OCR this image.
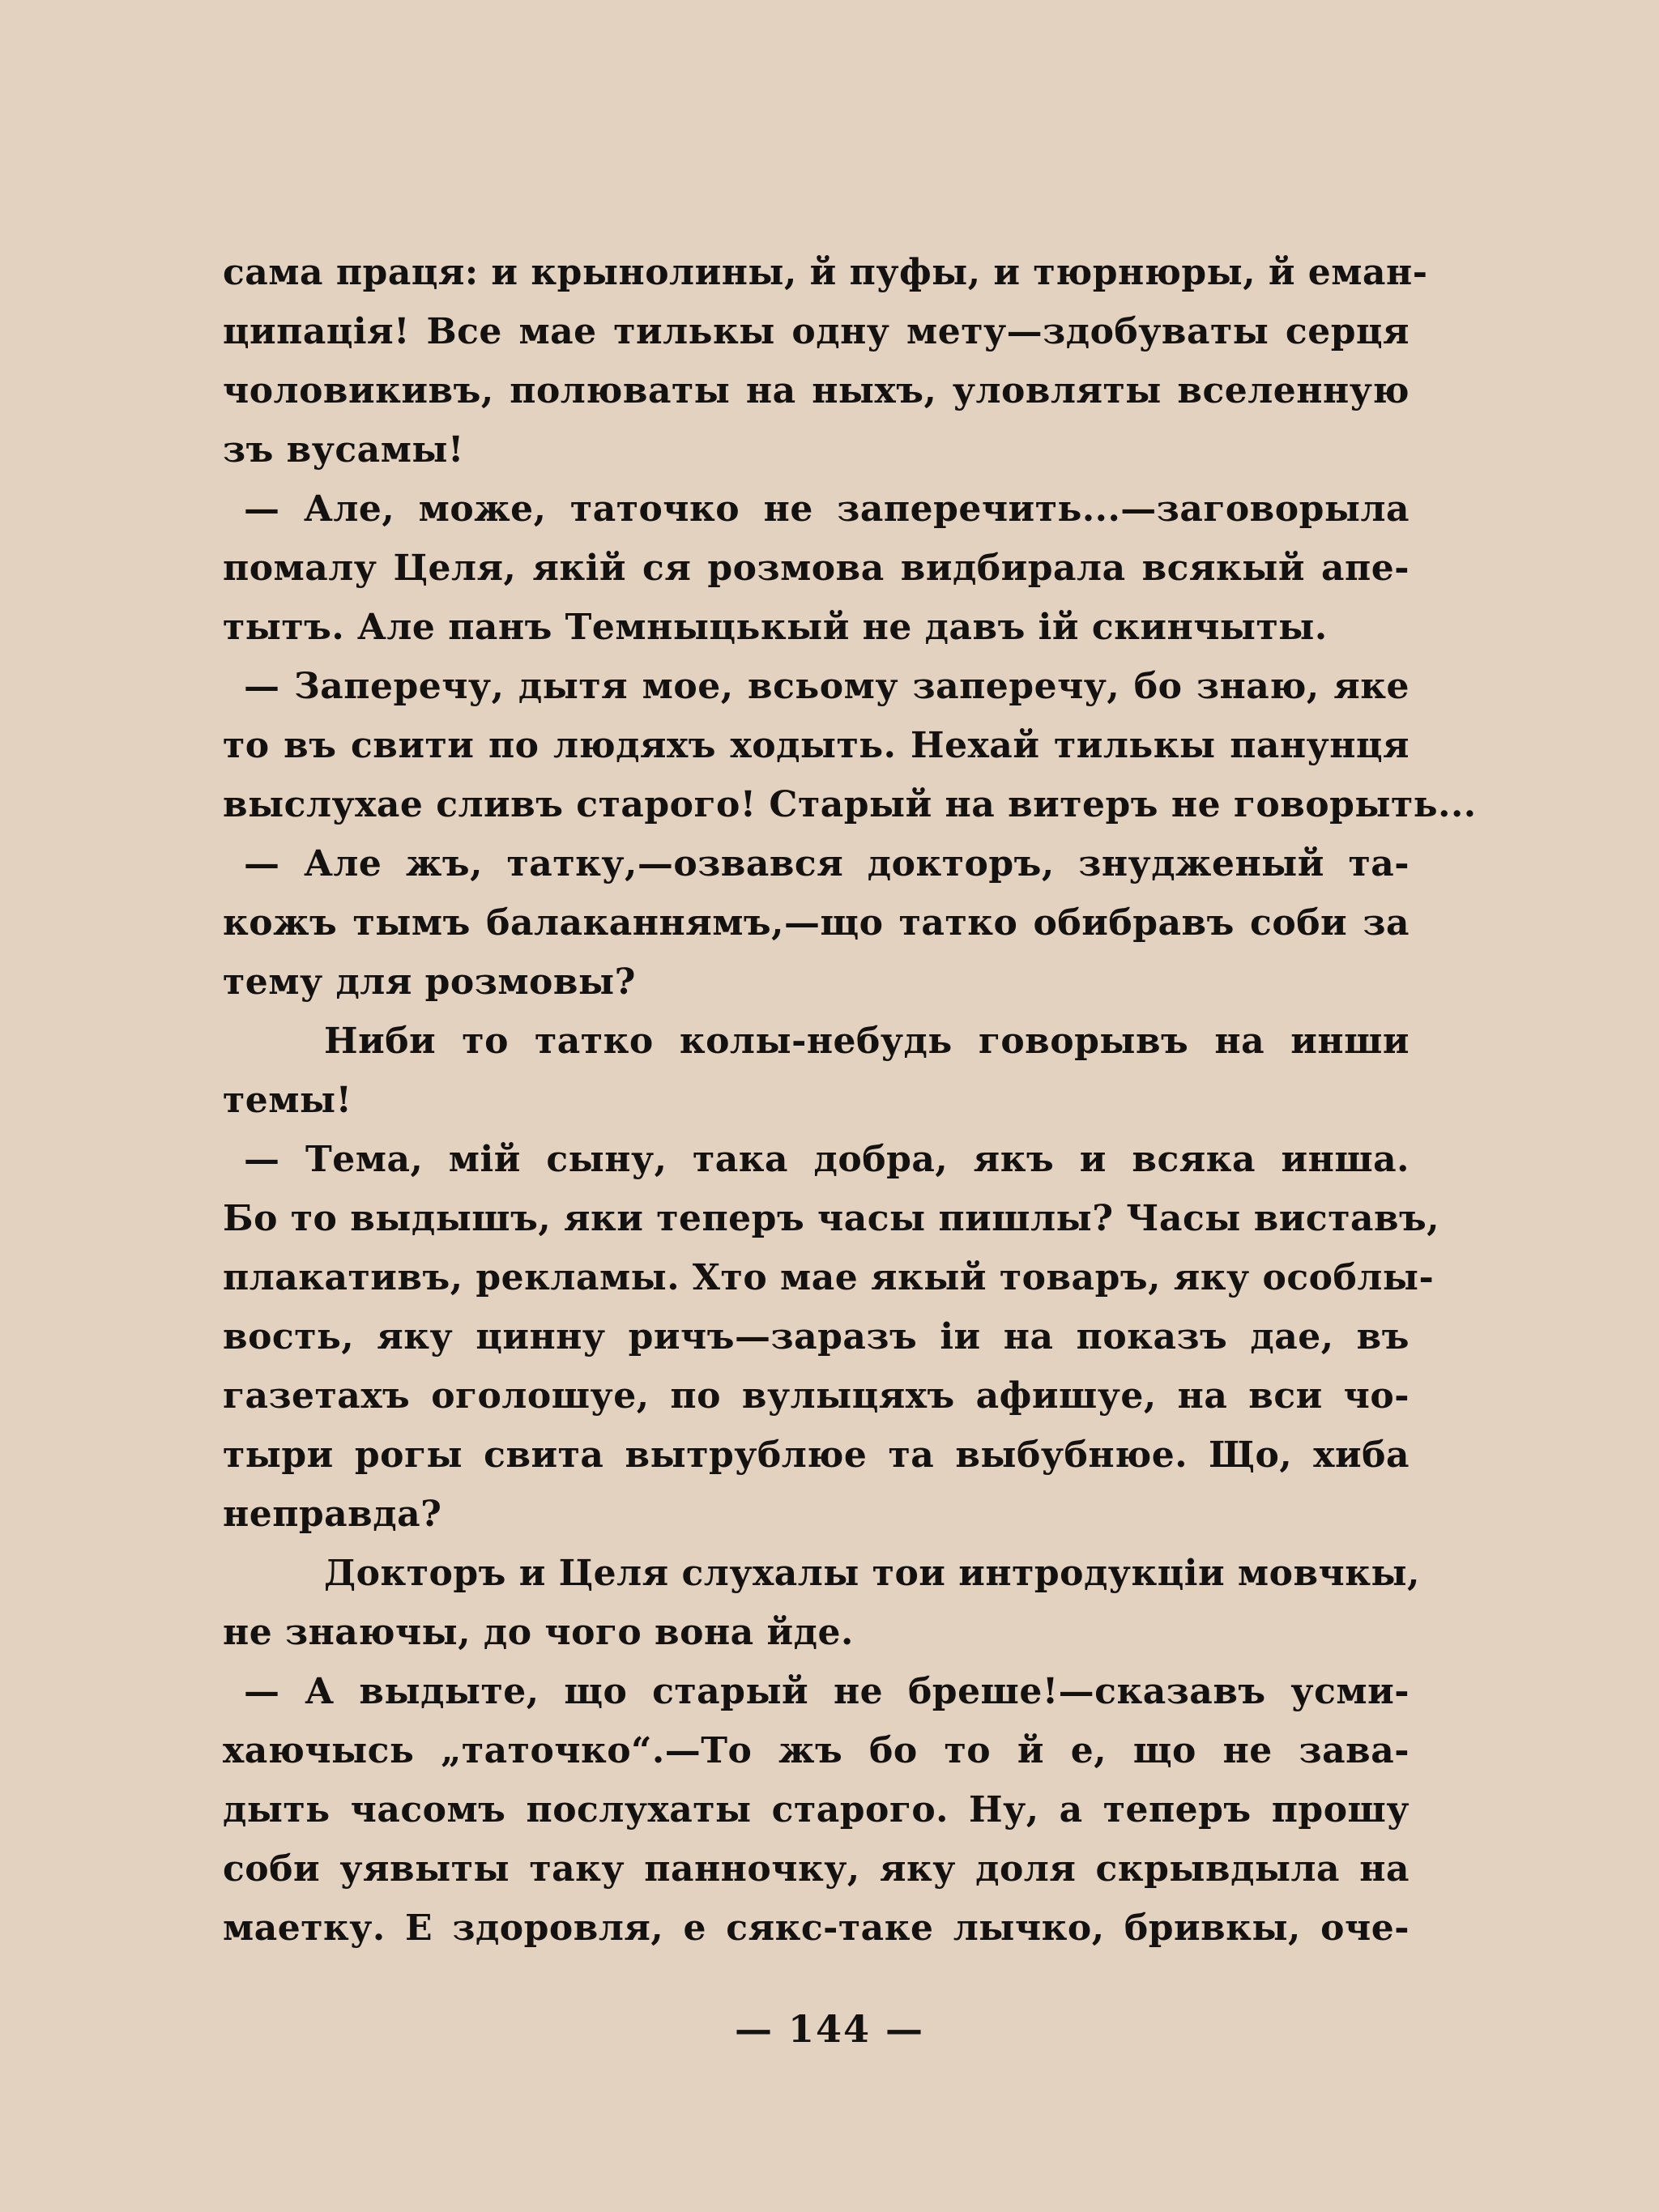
сама праця: и крынолины, й пуфы, и тюрнюры, й еман-
ципація! Все мае тилькы одну мету—здобуваты серця
чоловикивъ, полюваты на ныхъ, уловляты вселенную
зъ вусамы!
— Але, може, таточко не заперечить...—заговорыла
помалу Целя, якій ся розмова видбирала всякый апе-
тытъ. Але панъ Темныцькый не давъ ій скинчыты.
— Заперечу, дытя мое, всьому заперечу, бо знаю, яке
то въ свити по людяхъ ходыть. Нехай тилькы панунця
выслухае сливъ старого! Старый на витеръ не говорыть...
— Але жъ, татку,—озвався докторъ, знудженый та-
кожъ тымъ балаканнямъ,—що татко обибравъ соби за
тему для розмовы?
Ниби то татко колы-небудь говорывъ на инши
темы!
— Тема, мій сыну, така добра, якъ и всяка инша.
Бо то выдышъ, яки теперъ часы пишлы? Часы виставъ,
плакативъ, рекламы. Хто мае якый товаръ, яку особлы-
вость, яку цинну ричъ—заразъ іи на показъ дае, въ
газетахъ оголошуе, по вулыцяхъ афишуе, на вси чо-
тыри рогы свита вытрублюе та выбубнюе. Що, хиба
неправда?
Докторъ и Целя слухалы тои интродукціи мовчкы,
не знаючы, до чого вона йде.
— А выдыте, що старый не бреше!—сказавъ усми-
хаючысь „таточко“.—То жъ бо то й е, що не зава-
дыть часомъ послухаты старого. Ну, а теперъ прошу
соби уявыты таку панночку, яку доля скрывдыла на
маетку. Е здоровля, е сякс-таке лычко, бривкы, оче-
— 144 —
